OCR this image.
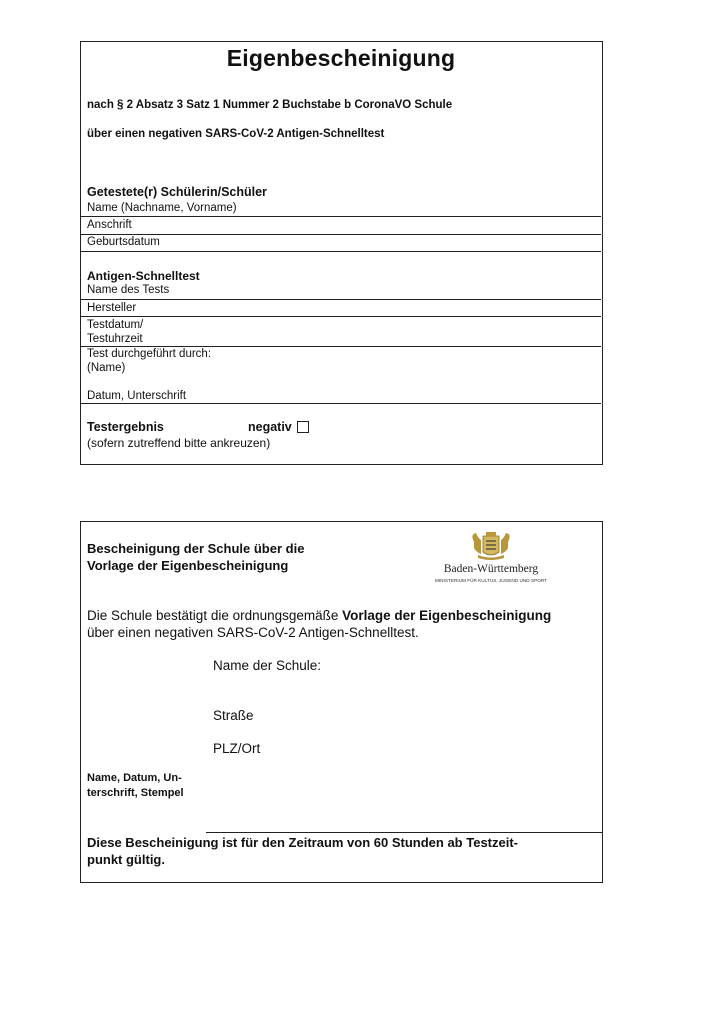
Eigenbescheinigung
nach § 2 Absatz 3 Satz 1 Nummer 2 Buchstabe b CoronaVO Schule
über einen negativen SARS-CoV-2 Antigen-Schnelltest
Getestete(r) Schülerin/Schüler
Name (Nachname, Vorname)
Anschrift
Geburtsdatum
Antigen-Schnelltest
Name des Tests
Hersteller
Testdatum/
Testuhrzeit
Test durchgeführt durch:
(Name)
Datum, Unterschrift
Testergebnis	negativ
(sofern zutreffend bitte ankreuzen)
Bescheinigung der Schule über die
Vorlage der Eigenbescheinigung	Baden-Württemberg
MINISTERIUM FÜR KULTUS, JUGEND UND SPORT
Die Schule bestätigt die ordnungsgemäße Vorlage der Eigenbescheinigung
über einen negativen SARS-CoV-2 Antigen-Schnelltest.
Name der Schule:
Straße
PLZ/Ort
Name, Datum, Un-
terschrift, Stempel
Diese Bescheinigung ist für den Zeitraum von 60 Stunden ab Testzeit-
punkt gültig.
